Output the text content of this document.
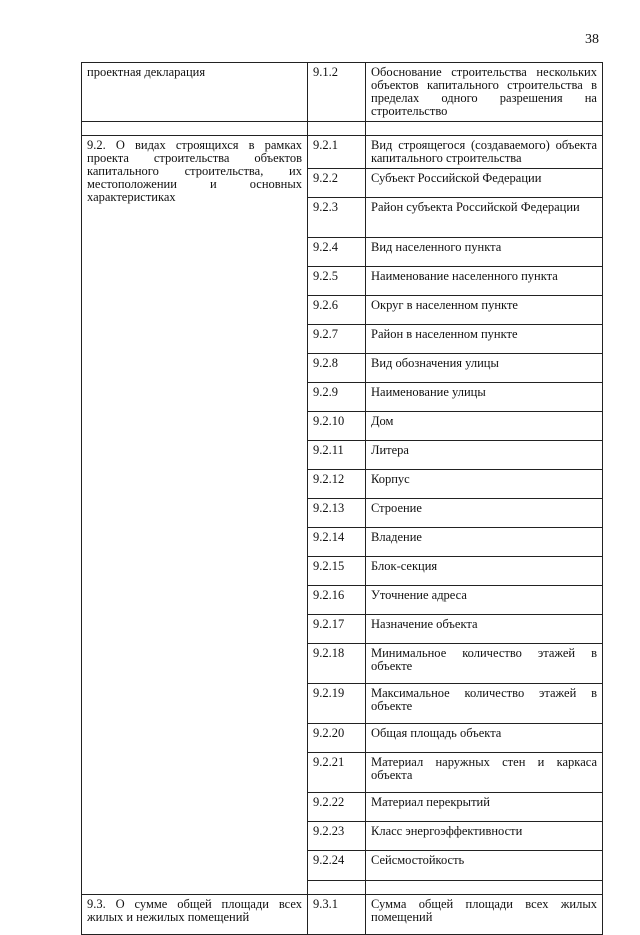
38
проектная декларация	9.1.2	Обоснование строительства нескольких объектов капитального строительства в пределах одного разрешения на строительство

9.2. О видах строящихся в рамках проекта строительства объектов капитального строительства, их местоположении и основных характеристиках	9.2.1	Вид строящегося (создаваемого) объекта капитального строительства
	9.2.2	Субъект Российской Федерации
	9.2.3	Район субъекта Российской Федерации
	9.2.4	Вид населенного пункта
	9.2.5	Наименование населенного пункта
	9.2.6	Округ в населенном пункте
	9.2.7	Район в населенном пункте
	9.2.8	Вид обозначения улицы
	9.2.9	Наименование улицы
	9.2.10	Дом
	9.2.11	Литера
	9.2.12	Корпус
	9.2.13	Строение
	9.2.14	Владение
	9.2.15	Блок-секция
	9.2.16	Уточнение адреса
	9.2.17	Назначение объекта
	9.2.18	Минимальное количество этажей в объекте
	9.2.19	Максимальное количество этажей в объекте
	9.2.20	Общая площадь объекта
	9.2.21	Материал наружных стен и каркаса объекта
	9.2.22	Материал перекрытий
	9.2.23	Класс энергоэффективности
	9.2.24	Сейсмостойкость

9.3. О сумме общей площади всех жилых и нежилых помещений	9.3.1	Сумма общей площади всех жилых помещений
